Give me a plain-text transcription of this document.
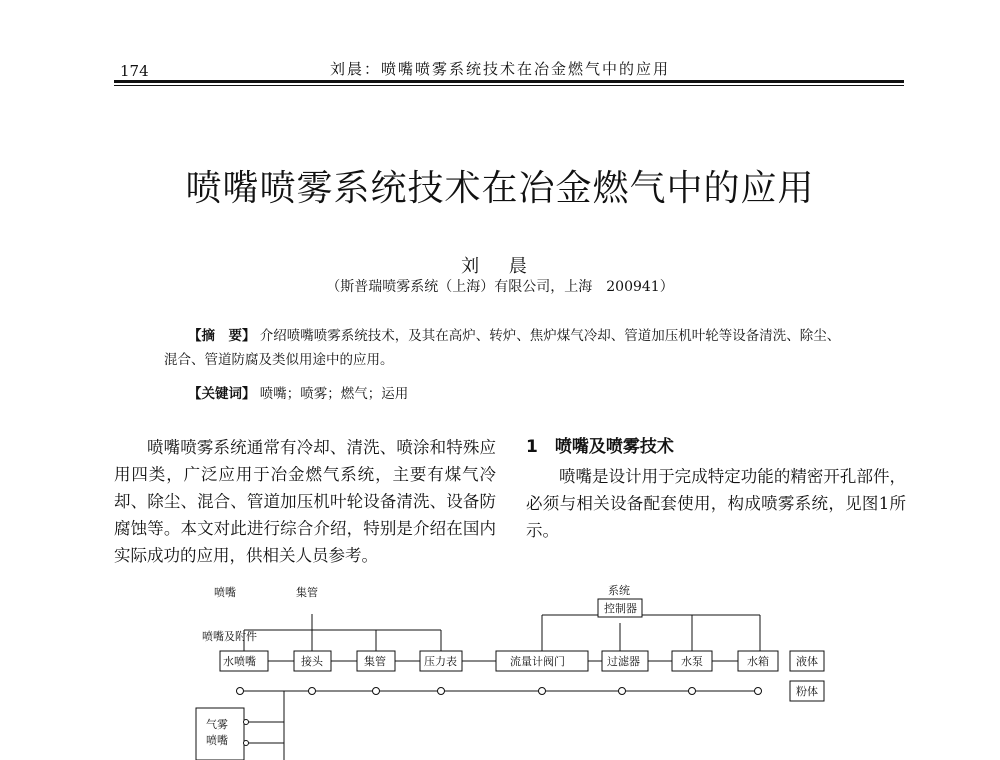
174	刘晨：喷嘴喷雾系统技术在冶金燃气中的应用
喷嘴喷雾系统技术在冶金燃气中的应用
刘 晨
（斯普瑞喷雾系统（上海）有限公司，上海　200941）
【摘　要】 介绍喷嘴喷雾系统技术，及其在高炉、转炉、焦炉煤气冷却、管道加压机叶轮等设备清洗、除尘、混合、管道防腐及类似用途中的应用。
【关键词】 喷嘴；喷雾；燃气；运用
喷嘴喷雾系统通常有冷却、清洗、喷涂和特殊应用四类，广泛应用于冶金燃气系统，主要有煤气冷却、除尘、混合、管道加压机叶轮设备清洗、设备防腐蚀等。本文对此进行综合介绍，特别是介绍在国内实际成功的应用，供相关人员参考。
1　喷嘴及喷雾技术
喷嘴是设计用于完成特定功能的精密开孔部件，必须与相关设备配套使用，构成喷雾系统，见图1所示。
喷嘴	集管	系统
控制器
喷嘴及附件
水喷嘴	接头	集管	压力表	流量计阀门	过滤器	水泵	水箱 液体
粉体
气雾
喷嘴
